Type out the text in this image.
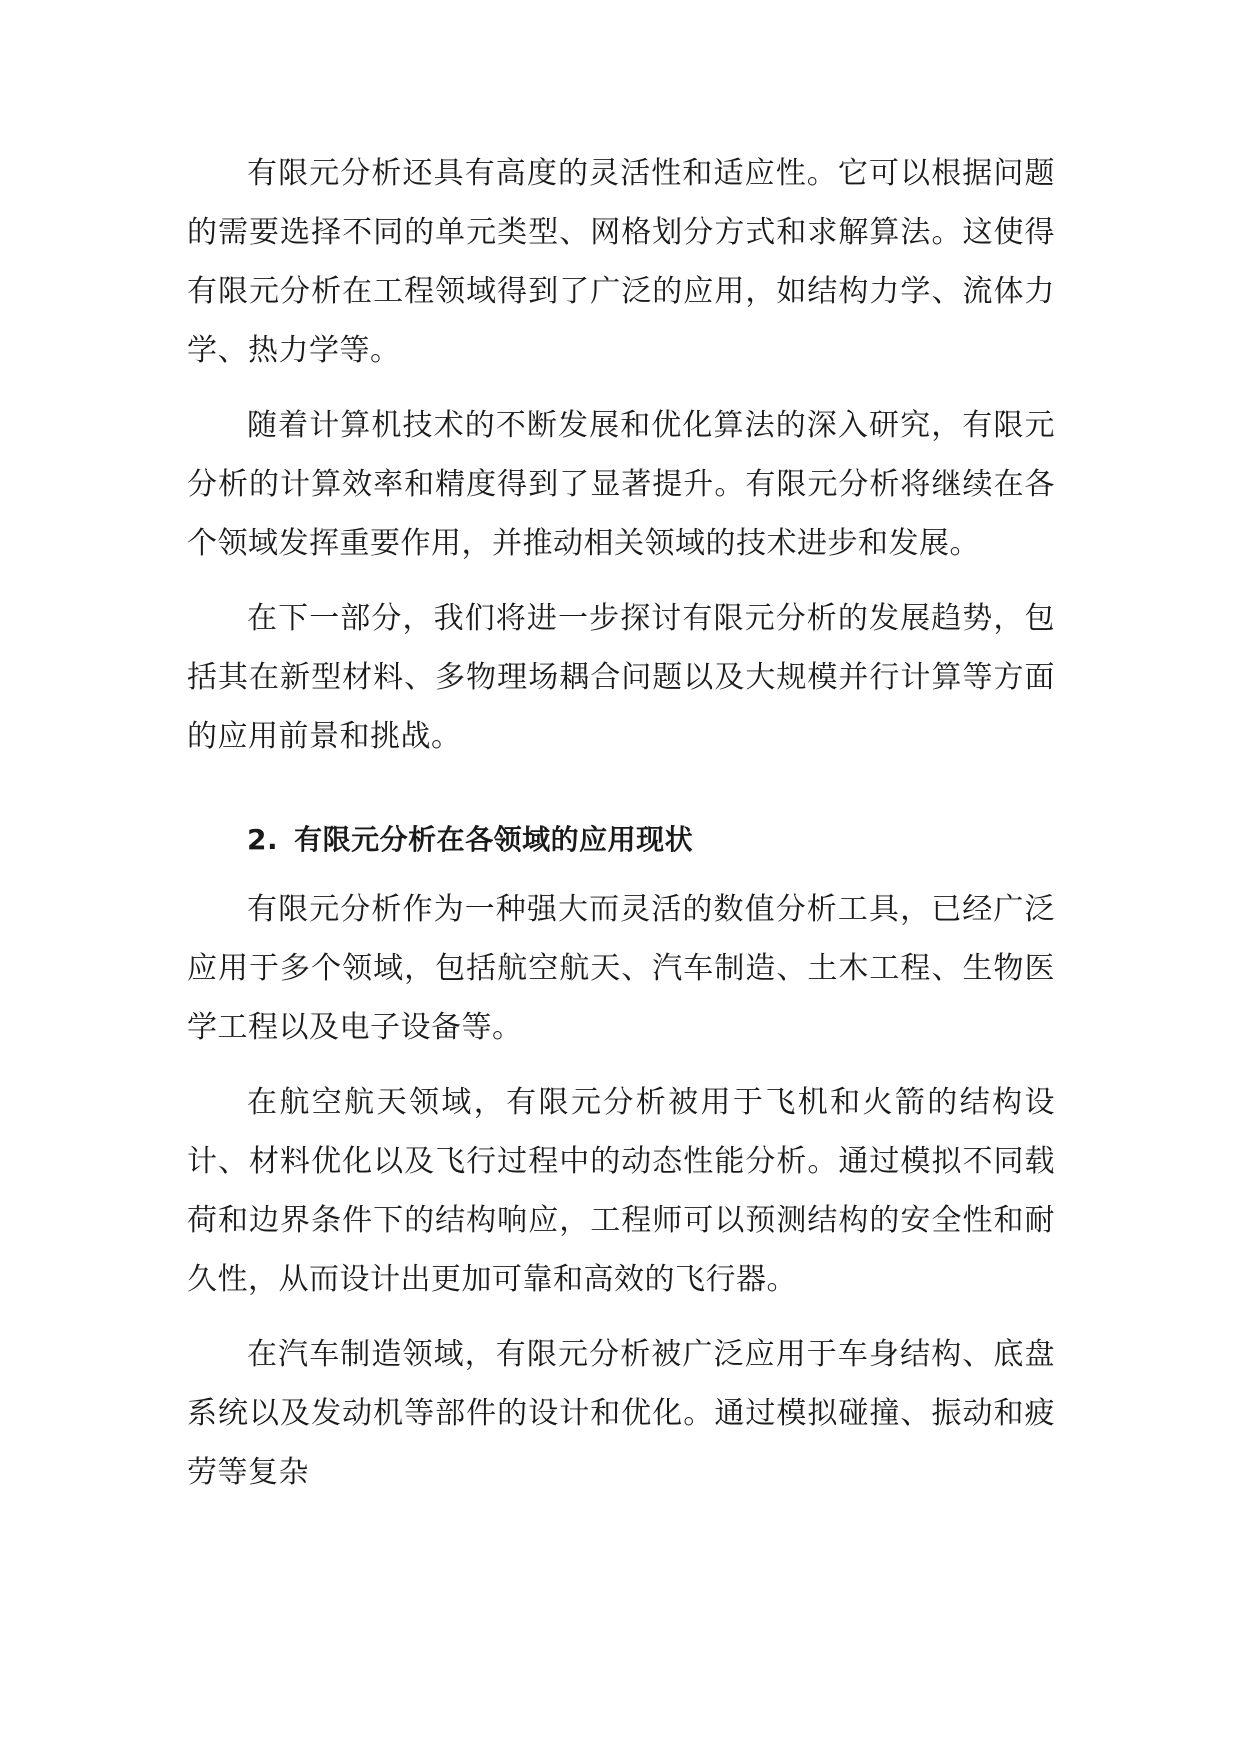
有限元分析还具有高度的灵活性和适应性。它可以根据问题的需要选择不同的单元类型、网格划分方式和求解算法。这使得有限元分析在工程领域得到了广泛的应用，如结构力学、流体力学、热力学等。

随着计算机技术的不断发展和优化算法的深入研究，有限元分析的计算效率和精度得到了显著提升。有限元分析将继续在各个领域发挥重要作用，并推动相关领域的技术进步和发展。

在下一部分，我们将进一步探讨有限元分析的发展趋势，包括其在新型材料、多物理场耦合问题以及大规模并行计算等方面的应用前景和挑战。

2. 有限元分析在各领域的应用现状

有限元分析作为一种强大而灵活的数值分析工具，已经广泛应用于多个领域，包括航空航天、汽车制造、土木工程、生物医学工程以及电子设备等。

在航空航天领域，有限元分析被用于飞机和火箭的结构设计、材料优化以及飞行过程中的动态性能分析。通过模拟不同载荷和边界条件下的结构响应，工程师可以预测结构的安全性和耐久性，从而设计出更加可靠和高效的飞行器。

在汽车制造领域，有限元分析被广泛应用于车身结构、底盘系统以及发动机等部件的设计和优化。通过模拟碰撞、振动和疲劳等复杂
